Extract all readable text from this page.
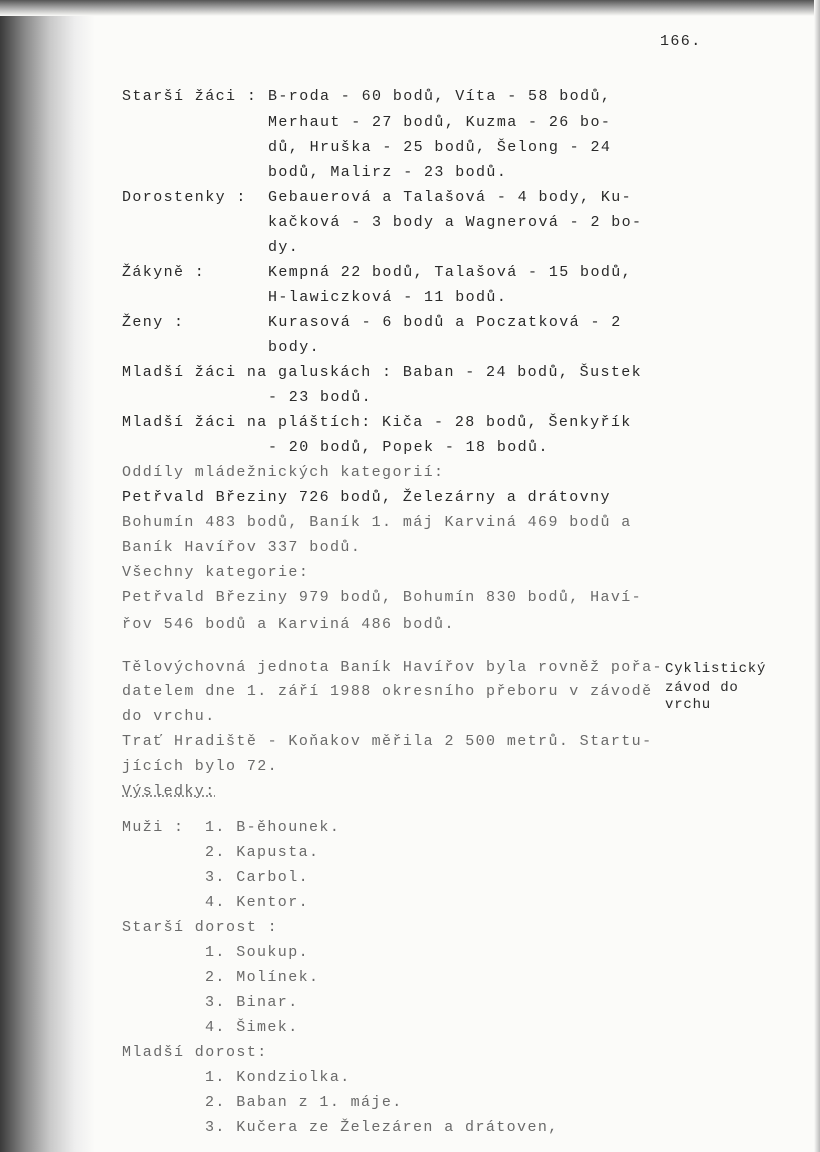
166.
Starší žáci : B-roda - 60 bodů, Víta - 58 bodů,
Merhaut - 27 bodů, Kuzma - 26 bo-
dů, Hruška - 25 bodů, Šelong - 24
bodů, Malirz - 23 bodů.
Dorostenky : Gebauerová a Talašová - 4 body, Ku-
kačková - 3 body a Wagnerová - 2 bo-
dy.
Žákyně :	Kempná 22 bodů, Talašová - 15 bodů,
H-lawiczková - 11 bodů.
Ženy :	Kurasová - 6 bodů a Poczatková - 2
body.
Mladší žáci na galuskách : Baban - 24 bodů, Šustek
- 23 bodů.
Mladší žáci na pláštích: Kiča - 28 bodů, Šenkyřík
- 20 bodů, Popek - 18 bodů.
Oddíly mládežnických kategorií:
Petřvald Březiny 726 bodů, Železárny a drátovny
Bohumín 483 bodů, Baník 1. máj Karviná 469 bodů a
Baník Havířov 337 bodů.
Všechny kategorie:
Petřvald Březiny 979 bodů, Bohumín 830 bodů, Haví-
řov 546 bodů a Karviná 486 bodů.
Tělovýchovná jednota Baník Havířov byla rovněž pořa-
datelem dne 1. září 1988 okresního přeboru v závodě
do vrchu.
Trať Hradiště - Koňakov měřila 2 500 metrů. Startu-
jících bylo 72.
Cyklistický
závod do
vrchu
Výsledky:
Muži : 1. B-ěhounek.
2. Kapusta.
3. Carbol.
4. Kentor.
Starší dorost :
1. Soukup.
2. Molínek.
3. Binar.
4. Šimek.
Mladší dorost:
1. Kondziolka.
2. Baban z 1. máje.
3. Kučera ze Železáren a drátoven,
